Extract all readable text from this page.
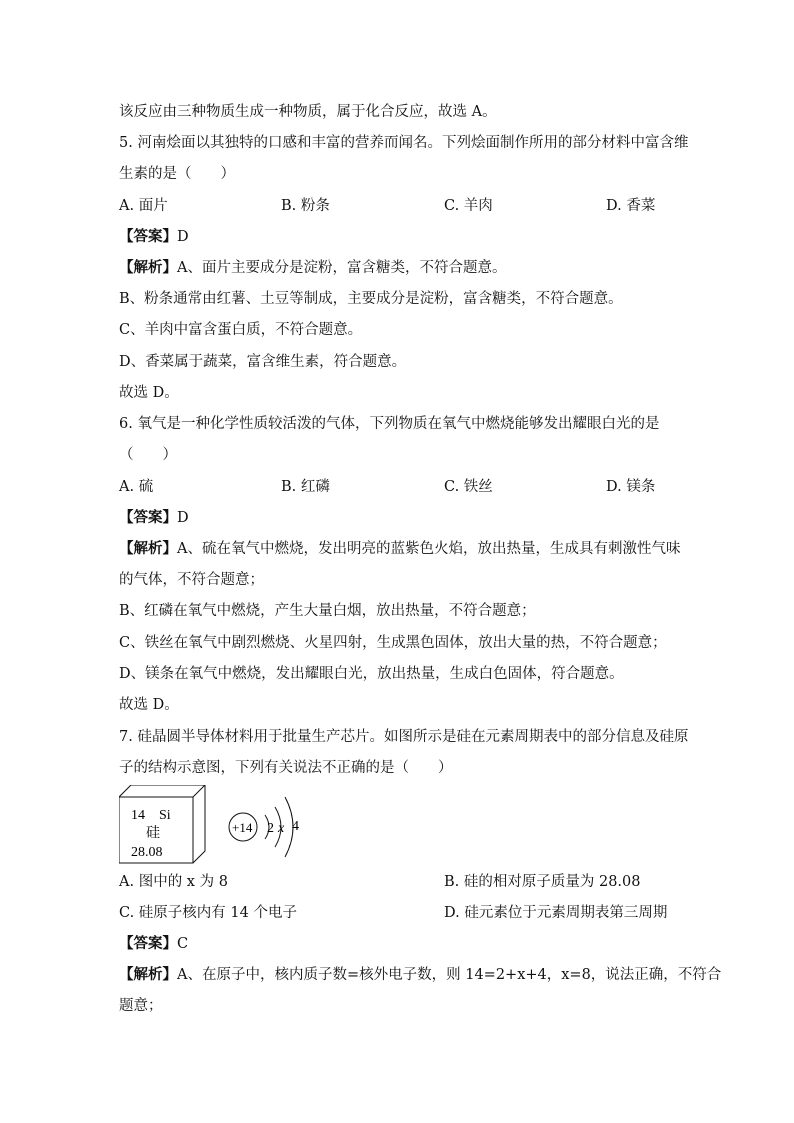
该反应由三种物质生成一种物质，属于化合反应，故选 A。
5. 河南烩面以其独特的口感和丰富的营养而闻名。下列烩面制作所用的部分材料中富含维
生素的是（　　）
A. 面片	B. 粉条	C. 羊肉	D. 香菜
【答案】D
【解析】A、面片主要成分是淀粉，富含糖类，不符合题意。
B、粉条通常由红薯、土豆等制成，主要成分是淀粉，富含糖类，不符合题意。
C、羊肉中富含蛋白质，不符合题意。
D、香菜属于蔬菜，富含维生素，符合题意。
故选 D。
6. 氧气是一种化学性质较活泼的气体，下列物质在氧气中燃烧能够发出耀眼白光的是
（　　）
A. 硫	B. 红磷	C. 铁丝	D. 镁条
【答案】D
【解析】A、硫在氧气中燃烧，发出明亮的蓝紫色火焰，放出热量，生成具有刺激性气味
的气体，不符合题意；
B、红磷在氧气中燃烧，产生大量白烟，放出热量，不符合题意；
C、铁丝在氧气中剧烈燃烧、火星四射，生成黑色固体，放出大量的热，不符合题意；
D、镁条在氧气中燃烧，发出耀眼白光，放出热量，生成白色固体，符合题意。
故选 D。
7. 硅晶圆半导体材料用于批量生产芯片。如图所示是硅在元素周期表中的部分信息及硅原
子的结构示意图，下列有关说法不正确的是（　　）
14 Si
硅
28.08
+14 2 x 4
A. 图中的 x 为 8	B. 硅的相对原子质量为 28.08
C. 硅原子核内有 14 个电子	D. 硅元素位于元素周期表第三周期
【答案】C
【解析】A、在原子中，核内质子数=核外电子数，则 14=2+x+4，x=8，说法正确，不符合
题意；
